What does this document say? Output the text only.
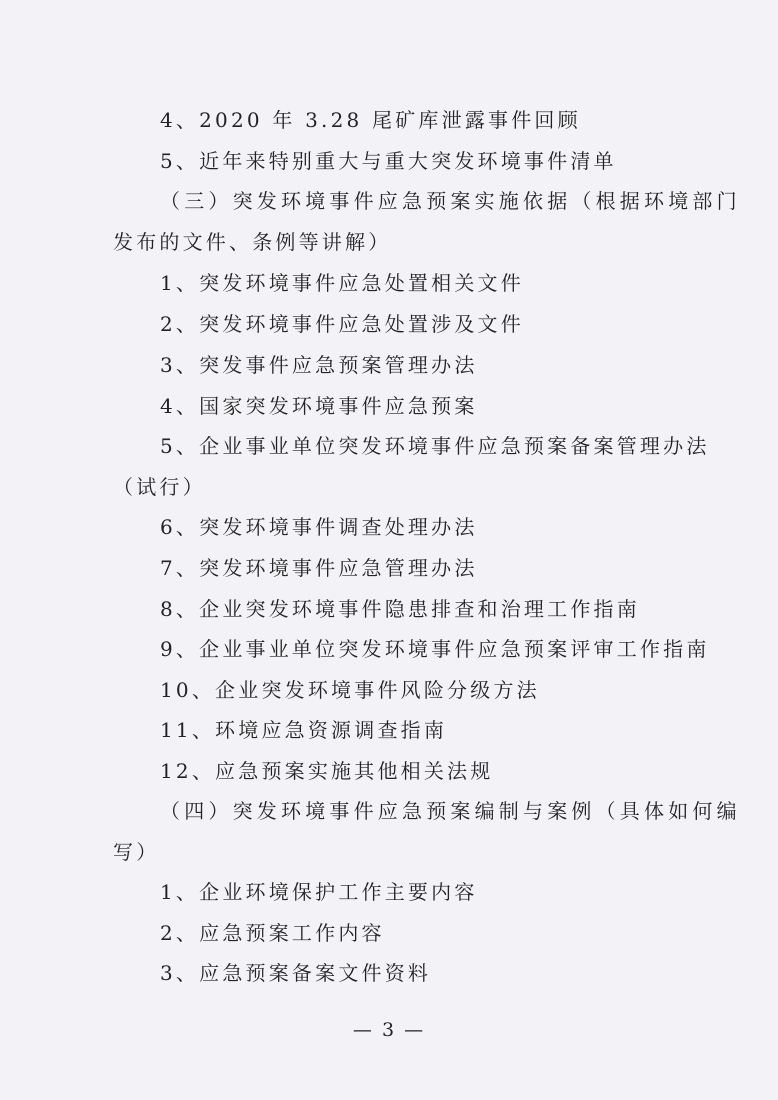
4、2020 年 3.28 尾矿库泄露事件回顾
5、近年来特别重大与重大突发环境事件清单
（三）突发环境事件应急预案实施依据（根据环境部门
发布的文件、条例等讲解）
1、突发环境事件应急处置相关文件
2、突发环境事件应急处置涉及文件
3、突发事件应急预案管理办法
4、国家突发环境事件应急预案
5、企业事业单位突发环境事件应急预案备案管理办法
（试行）
6、突发环境事件调查处理办法
7、突发环境事件应急管理办法
8、企业突发环境事件隐患排查和治理工作指南
9、企业事业单位突发环境事件应急预案评审工作指南
10、企业突发环境事件风险分级方法
11、环境应急资源调查指南
12、应急预案实施其他相关法规
（四）突发环境事件应急预案编制与案例（具体如何编
写）
1、企业环境保护工作主要内容
2、应急预案工作内容
3、应急预案备案文件资料
— 3 —
